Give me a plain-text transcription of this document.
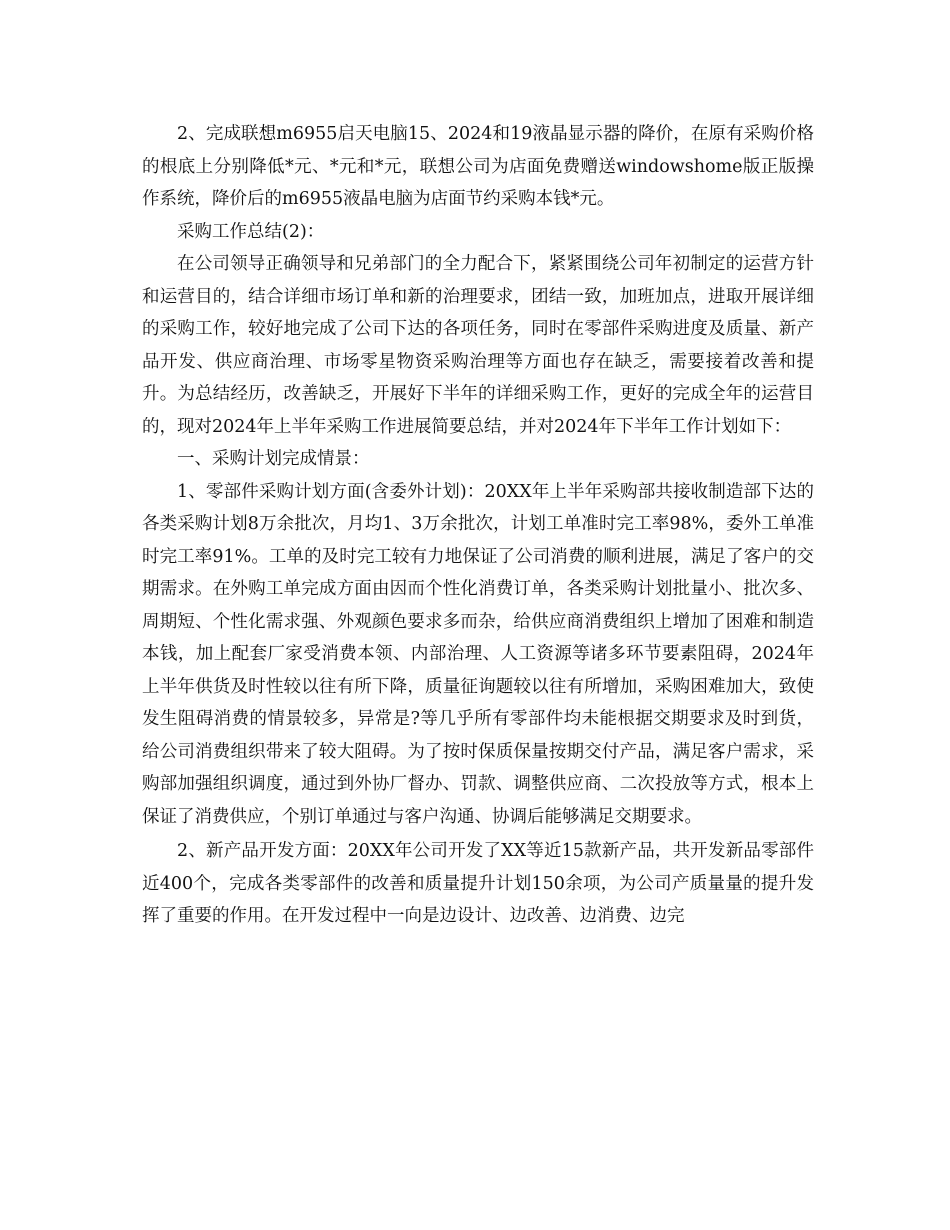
2、完成联想m6955启天电脑15、2024和19液晶显示器的降价，在原有采购价格的根底上分别降低*元、*元和*元，联想公司为店面免费赠送windowshome版正版操作系统，降价后的m6955液晶电脑为店面节约采购本钱*元。

采购工作总结(2)：

在公司领导正确领导和兄弟部门的全力配合下，紧紧围绕公司年初制定的运营方针和运营目的，结合详细市场订单和新的治理要求，团结一致，加班加点，进取开展详细的采购工作，较好地完成了公司下达的各项任务，同时在零部件采购进度及质量、新产品开发、供应商治理、市场零星物资采购治理等方面也存在缺乏，需要接着改善和提升。为总结经历，改善缺乏，开展好下半年的详细采购工作，更好的完成全年的运营目的，现对2024年上半年采购工作进展简要总结，并对2024年下半年工作计划如下：

一、采购计划完成情景：

1、零部件采购计划方面(含委外计划)：20XX年上半年采购部共接收制造部下达的各类采购计划8万余批次，月均1、3万余批次，计划工单准时完工率98%，委外工单准时完工率91%。工单的及时完工较有力地保证了公司消费的顺利进展，满足了客户的交期需求。在外购工单完成方面由因而个性化消费订单，各类采购计划批量小、批次多、周期短、个性化需求强、外观颜色要求多而杂，给供应商消费组织上增加了困难和制造本钱，加上配套厂家受消费本领、内部治理、人工资源等诸多环节要素阻碍，2024年上半年供货及时性较以往有所下降，质量征询题较以往有所增加，采购困难加大，致使发生阻碍消费的情景较多，异常是?等几乎所有零部件均未能根据交期要求及时到货，给公司消费组织带来了较大阻碍。为了按时保质保量按期交付产品，满足客户需求，采购部加强组织调度，通过到外协厂督办、罚款、调整供应商、二次投放等方式，根本上保证了消费供应，个别订单通过与客户沟通、协调后能够满足交期要求。

2、新产品开发方面：20XX年公司开发了XX等近15款新产品，共开发新品零部件近400个，完成各类零部件的改善和质量提升计划150余项，为公司产质量量的提升发挥了重要的作用。在开发过程中一向是边设计、边改善、边消费、边完
